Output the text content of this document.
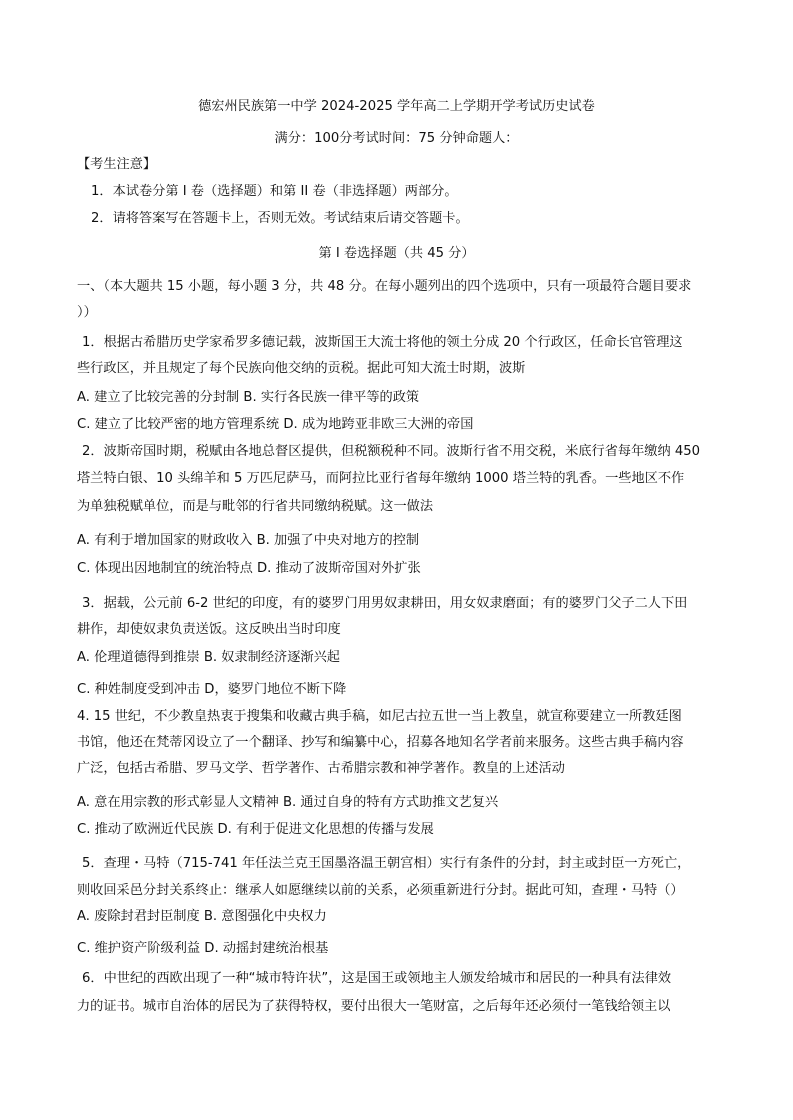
德宏州民族第一中学 2024-2025 学年高二上学期开学考试历史试卷
满分：100分考试时间：75 分钟命题人：
【考生注意】
1．本试卷分第 I 卷（选择题）和第 II 卷（非选择题）两部分。
2．请将答案写在答题卡上，否则无效。考试结束后请交答题卡。
第 I 卷选择题（共 45 分）
一、（本大题共 15 小题，每小题 3 分，共 48 分。在每小题列出的四个选项中，只有一项最符合题目要求
））
1．根据古希腊历史学家希罗多德记载，波斯国王大流士将他的领土分成 20 个行政区，任命长官管理这
些行政区，并且规定了每个民族向他交纳的贡税。据此可知大流士时期，波斯
A. 建立了比较完善的分封制 B. 实行各民族一律平等的政策
C. 建立了比较严密的地方管理系统 D. 成为地跨亚非欧三大洲的帝国
2．波斯帝国时期，税赋由各地总督区提供，但税额税种不同。波斯行省不用交税，米底行省每年缴纳 450
塔兰特白银、10 头绵羊和 5 万匹尼萨马，而阿拉比亚行省每年缴纳 1000 塔兰特的乳香。一些地区不作
为单独税赋单位，而是与毗邻的行省共同缴纳税赋。这一做法
A. 有利于增加国家的财政收入 B. 加强了中央对地方的控制
C. 体现出因地制宜的统治特点 D. 推动了波斯帝国对外扩张
3．据载，公元前 6-2 世纪的印度，有的婆罗门用男奴隶耕田，用女奴隶磨面；有的婆罗门父子二人下田
耕作，却使奴隶负责送饭。这反映出当时印度
A. 伦理道德得到推崇 B. 奴隶制经济逐渐兴起
C. 种姓制度受到冲击 D，婆罗门地位不断下降
4. 15 世纪，不少教皇热衷于搜集和收藏古典手稿，如尼古拉五世一当上教皇，就宣称要建立一所教廷图
书馆，他还在梵蒂冈设立了一个翻译、抄写和编纂中心，招募各地知名学者前来服务。这些古典手稿内容
广泛，包括古希腊、罗马文学、哲学著作、古希腊宗教和神学著作。教皇的上述活动
A. 意在用宗教的形式彰显人文精神 B. 通过自身的特有方式助推文艺复兴
C. 推动了欧洲近代民族 D. 有利于促进文化思想的传播与发展
5．查理・马特（715-741 年任法兰克王国墨洛温王朝宫相）实行有条件的分封，封主或封臣一方死亡，
则收回采邑分封关系终止：继承人如愿继续以前的关系，必须重新进行分封。据此可知，查理・马特（）
A. 废除封君封臣制度 B. 意图强化中央权力
C. 维护资产阶级利益 D. 动摇封建统治根基
6．中世纪的西欧出现了一种“城市特许状”，这是国王或领地主人颁发给城市和居民的一种具有法律效
力的证书。城市自治体的居民为了获得特权，要付出很大一笔财富，之后每年还必须付一笔钱给领主以
